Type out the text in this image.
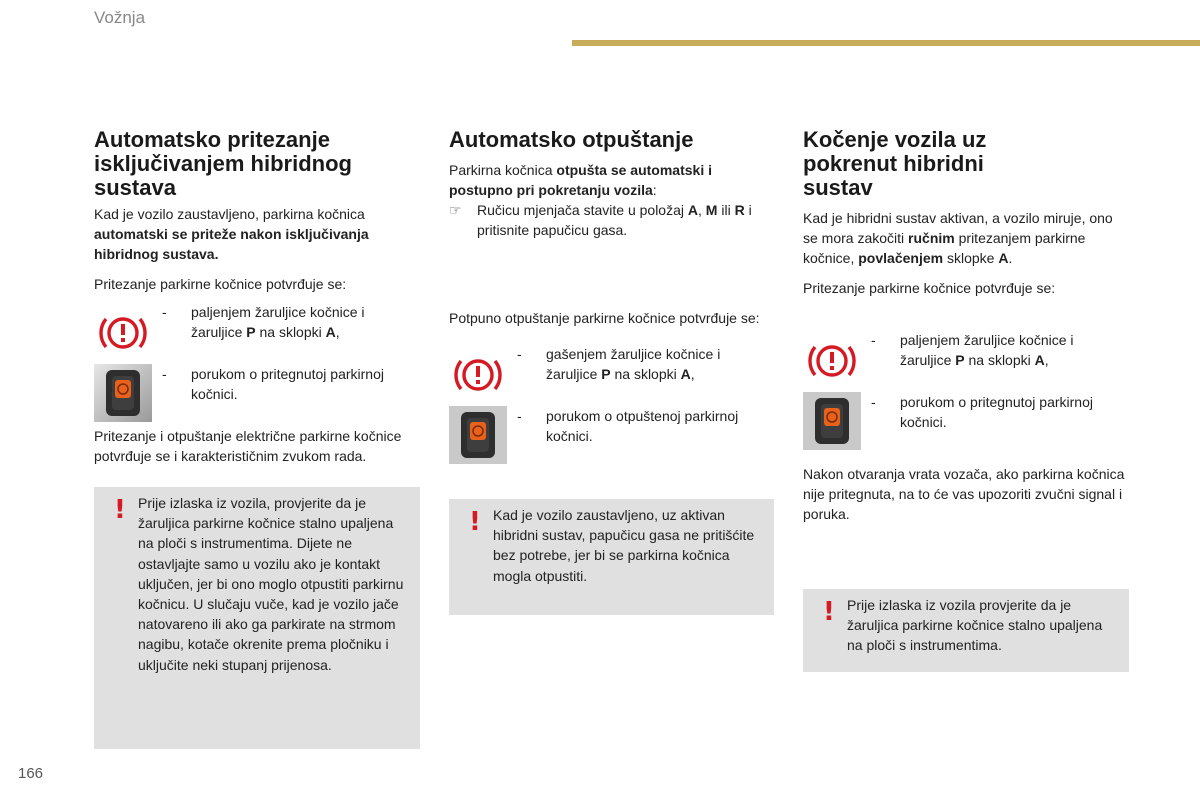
Vožnja
Automatsko pritezanje isključivanjem hibridnog sustava

Kad je vozilo zaustavljeno, parkirna kočnica automatski se priteže nakon isključivanja hibridnog sustava.

Pritezanje parkirne kočnice potvrđuje se:

- paljenjem žaruljice kočnice i žaruljice P na sklopki A,
- porukom o pritegnutoj parkirnoj kočnici.

Pritezanje i otpuštanje električne parkirne kočnice potvrđuje se i karakterističnim zvukom rada.

! Prije izlaska iz vozila, provjerite da je žaruljica parkirne kočnice stalno upaljena na ploči s instrumentima. Dijete ne ostavljajte samo u vozilu ako je kontakt uključen, jer bi ono moglo otpustiti parkirnu kočnicu. U slučaju vuče, kad je vozilo jače natovareno ili ako ga parkirate na strmom nagibu, kotače okrenite prema pločniku i uključite neki stupanj prijenosa.
Automatsko otpuštanje

Parkirna kočnica otpušta se automatski i postupno pri pokretanju vozila:

☞ Ručicu mjenjača stavite u položaj A, M ili R i pritisnite papučicu gasa.

Potpuno otpuštanje parkirne kočnice potvrđuje se:

- gašenjem žaruljice kočnice i žaruljice P na sklopki A,
- porukom o otpuštenoj parkirnoj kočnici.
! Kad je vozilo zaustavljeno, uz aktivan hibridni sustav, papučicu gasa ne pritišćite bez potrebe, jer bi se parkirna kočnica mogla otpustiti.
Kočenje vozila uz pokrenut hibridni sustav

Kad je hibridni sustav aktivan, a vozilo miruje, ono se mora zakočiti ručnim pritezanjem parkirne kočnice, povlačenjem sklopke A.

Pritezanje parkirne kočnice potvrđuje se:

- paljenjem žaruljice kočnice i žaruljice P na sklopki A,
- porukom o pritegnutoj parkirnoj kočnici.

Nakon otvaranja vrata vozača, ako parkirna kočnica nije pritegnuta, na to će vas upozoriti zvučni signal i poruka.

! Prije izlaska iz vozila provjerite da je žaruljica parkirne kočnice stalno upaljena na ploči s instrumentima.
166
